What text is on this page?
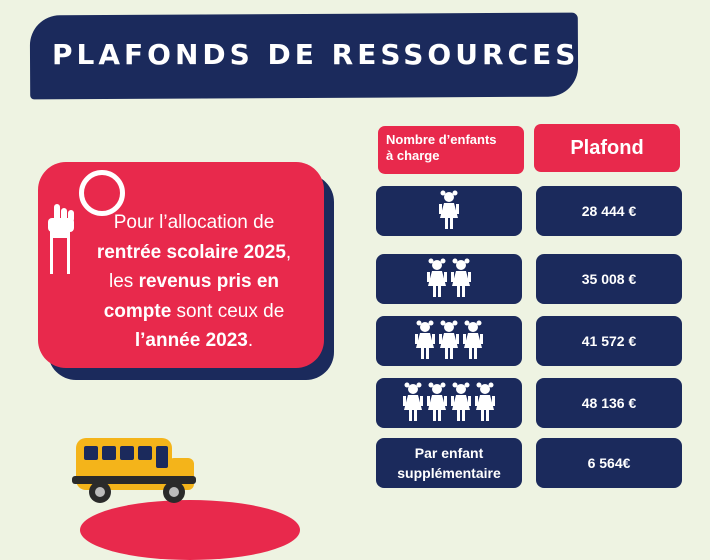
PLAFONDS DE RESSOURCES
Pour l’allocation de
rentrée scolaire 2025,
les revenus pris en
compte sont ceux de
l’année 2023.
Nombre d’enfants
à charge	Plafond
28 444 €
35 008 €
41 572 €
48 136 €
Par enfant
supplémentaire
6 564€
